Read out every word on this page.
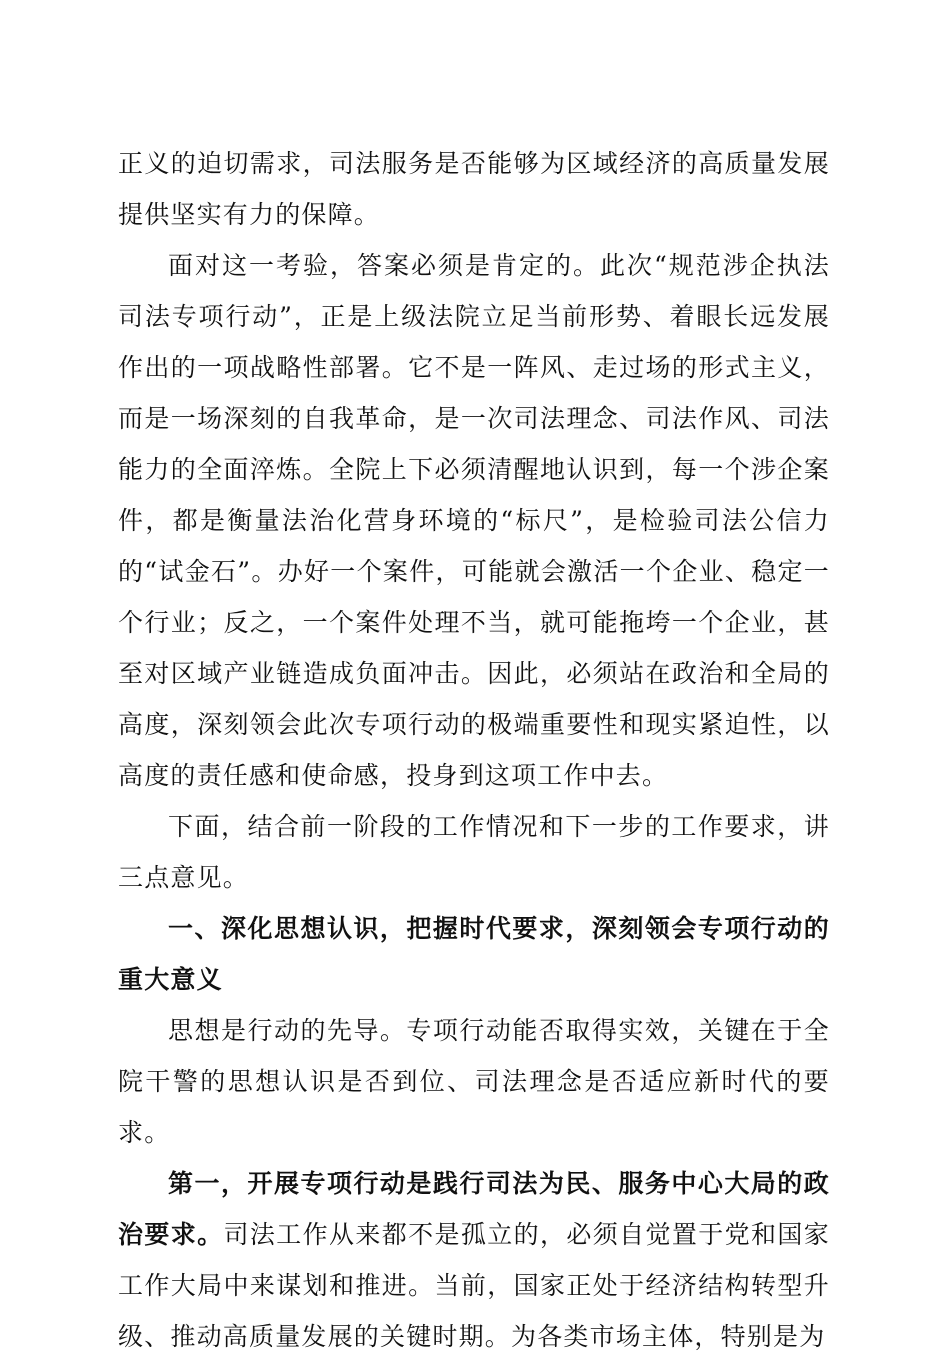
正义的迫切需求，司法服务是否能够为区域经济的高质量发展提供坚实有力的保障。

面对这一考验，答案必须是肯定的。此次“规范涉企执法司法专项行动”，正是上级法院立足当前形势、着眼长远发展作出的一项战略性部署。它不是一阵风、走过场的形式主义，而是一场深刻的自我革命，是一次司法理念、司法作风、司法能力的全面淬炼。全院上下必须清醒地认识到，每一个涉企案件，都是衡量法治化营身环境的“标尺”，是检验司法公信力的“试金石”。办好一个案件，可能就会激活一个企业、稳定一个行业；反之，一个案件处理不当，就可能拖垮一个企业，甚至对区域产业链造成负面冲击。因此，必须站在政治和全局的高度，深刻领会此次专项行动的极端重要性和现实紧迫性，以高度的责任感和使命感，投身到这项工作中去。

下面，结合前一阶段的工作情况和下一步的工作要求，讲三点意见。

一、深化思想认识，把握时代要求，深刻领会专项行动的重大意义

思想是行动的先导。专项行动能否取得实效，关键在于全院干警的思想认识是否到位、司法理念是否适应新时代的要求。

第一，开展专项行动是践行司法为民、服务中心大局的政治要求。司法工作从来都不是孤立的，必须自觉置于党和国家工作大局中来谋划和推进。当前，国家正处于经济结构转型升级、推动高质量发展的关键时期。为各类市场主体，特别是为
